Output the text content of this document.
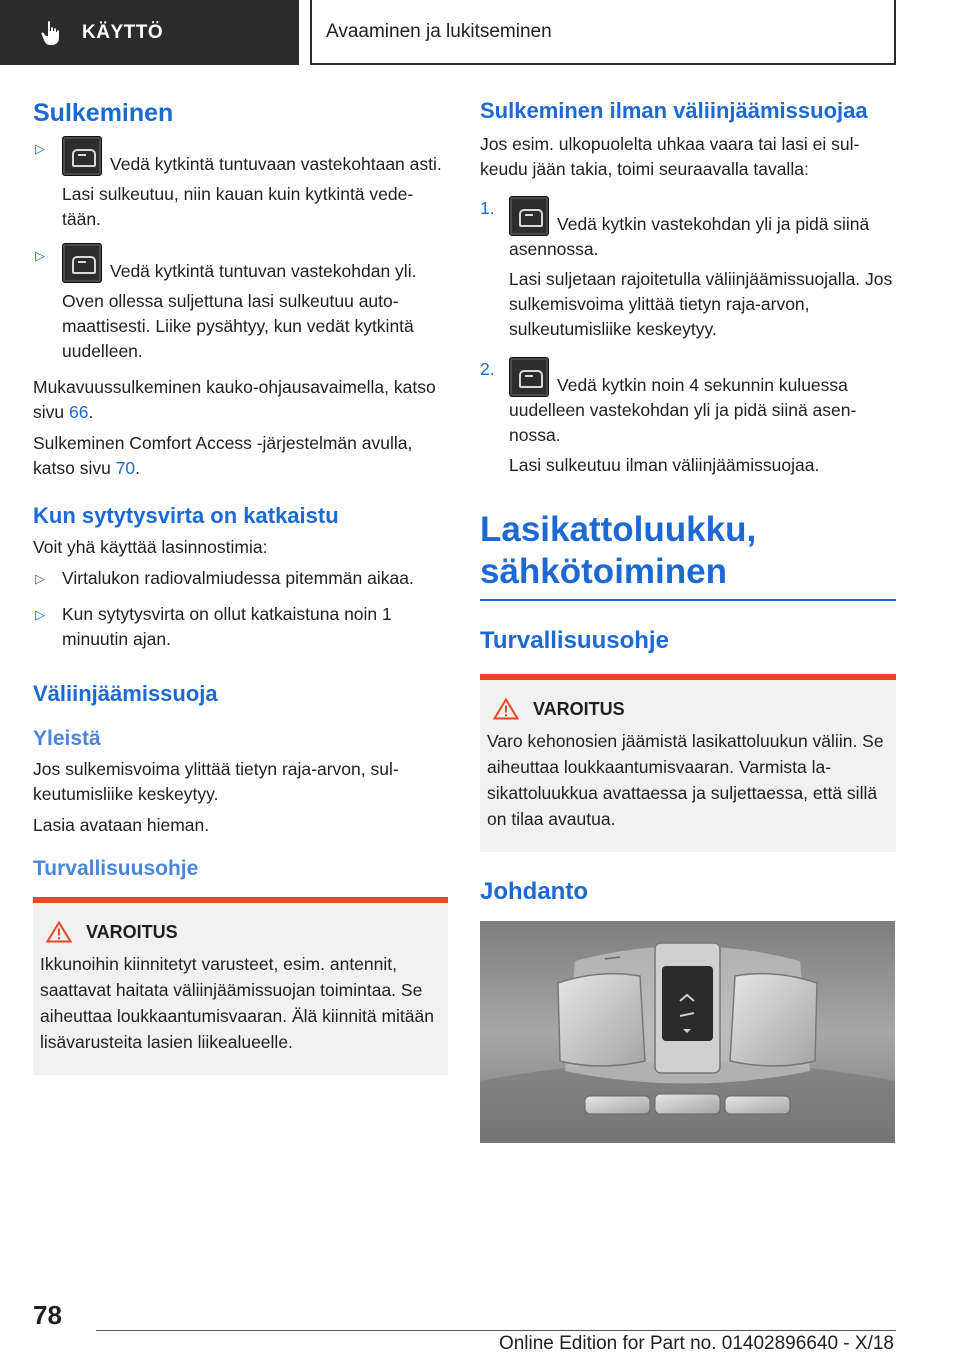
KÄYTTÖ	Avaaminen ja lukitseminen
Sulkeminen
▷

Vedä kytkintä tuntuvaan vastekohtaan asti.

Lasi sulkeutuu, niin kauan kuin kytkintä vede‐ tään.

▷

Vedä kytkintä tuntuvan vastekohdan yli.

Oven ollessa suljettuna lasi sulkeutuu auto‐ maattisesti. Liike pysähtyy, kun vedät kytkintä uudelleen.

Mukavuussulkeminen kauko-ohjausavaimella, katso sivu 66.

Sulkeminen Comfort Access -järjestelmän avulla, katso sivu 70.

Kun sytytysvirta on katkaistu

Voit yhä käyttää lasinnostimia:

▷ Virtalukon radiovalmiudessa pitemmän aikaa.

▷ Kun sytytysvirta on ollut katkaistuna noin 1 minuutin ajan.

Väliinjäämissuoja
Yleistä

Jos sulkemisvoima ylittää tietyn raja-arvon, sul‐ keutumisliike keskeytyy.

Lasia avataan hieman.

Turvallisuusohje
VAROITUS

Ikkunoihin kiinnitetyt varusteet, esim. antennit, saattavat haitata väliinjäämissuojan toimintaa. Se aiheuttaa loukkaantumisvaaran. Älä kiinnitä mitään lisävarusteita lasien liikealueelle.

Sulkeminen ilman väliinjäämissuojaa

Jos esim. ulkopuolelta uhkaa vaara tai lasi ei sul‐ keudu jään takia, toimi seuraavalla tavalla:

1.

Vedä kytkin vastekohdan yli ja pidä siinä asennossa.

Lasi suljetaan rajoitetulla väliinjäämissuojalla. Jos sulkemisvoima ylittää tietyn raja-arvon, sulkeutumisliike keskeytyy.

2.

Vedä kytkin noin 4 sekunnin kuluessa uudelleen vastekohdan yli ja pidä siinä asen‐ nossa.

Lasi sulkeutuu ilman väliinjäämissuojaa.

Lasikattoluukku, sähkötoiminen
Turvallisuusohje
VAROITUS

Varo kehonosien jäämistä lasikattoluukun väliin. Se aiheuttaa loukkaantumisvaaran. Varmista la‐ sikattoluukkua avattaessa ja suljettaessa, että sillä on tilaa avautua.

Johdanto
78
Online Edition for Part no. 01402896640 - X/18
